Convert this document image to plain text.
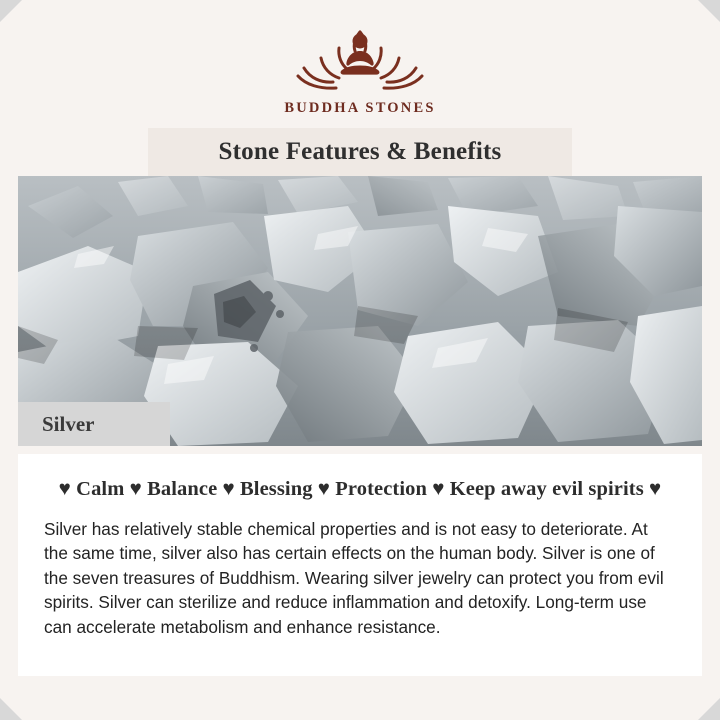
BUDDHA STONES
Stone Features & Benefits
Silver
♥ Calm ♥ Balance ♥ Blessing ♥ Protection ♥ Keep away evil spirits ♥

Silver has relatively stable chemical properties and is not easy to deteriorate. At the same time, silver also has certain effects on the human body. Silver is one of the seven treasures of Buddhism. Wearing silver jewelry can protect you from evil spirits. Silver can sterilize and reduce inflammation and detoxify. Long-term use can accelerate metabolism and enhance resistance.
